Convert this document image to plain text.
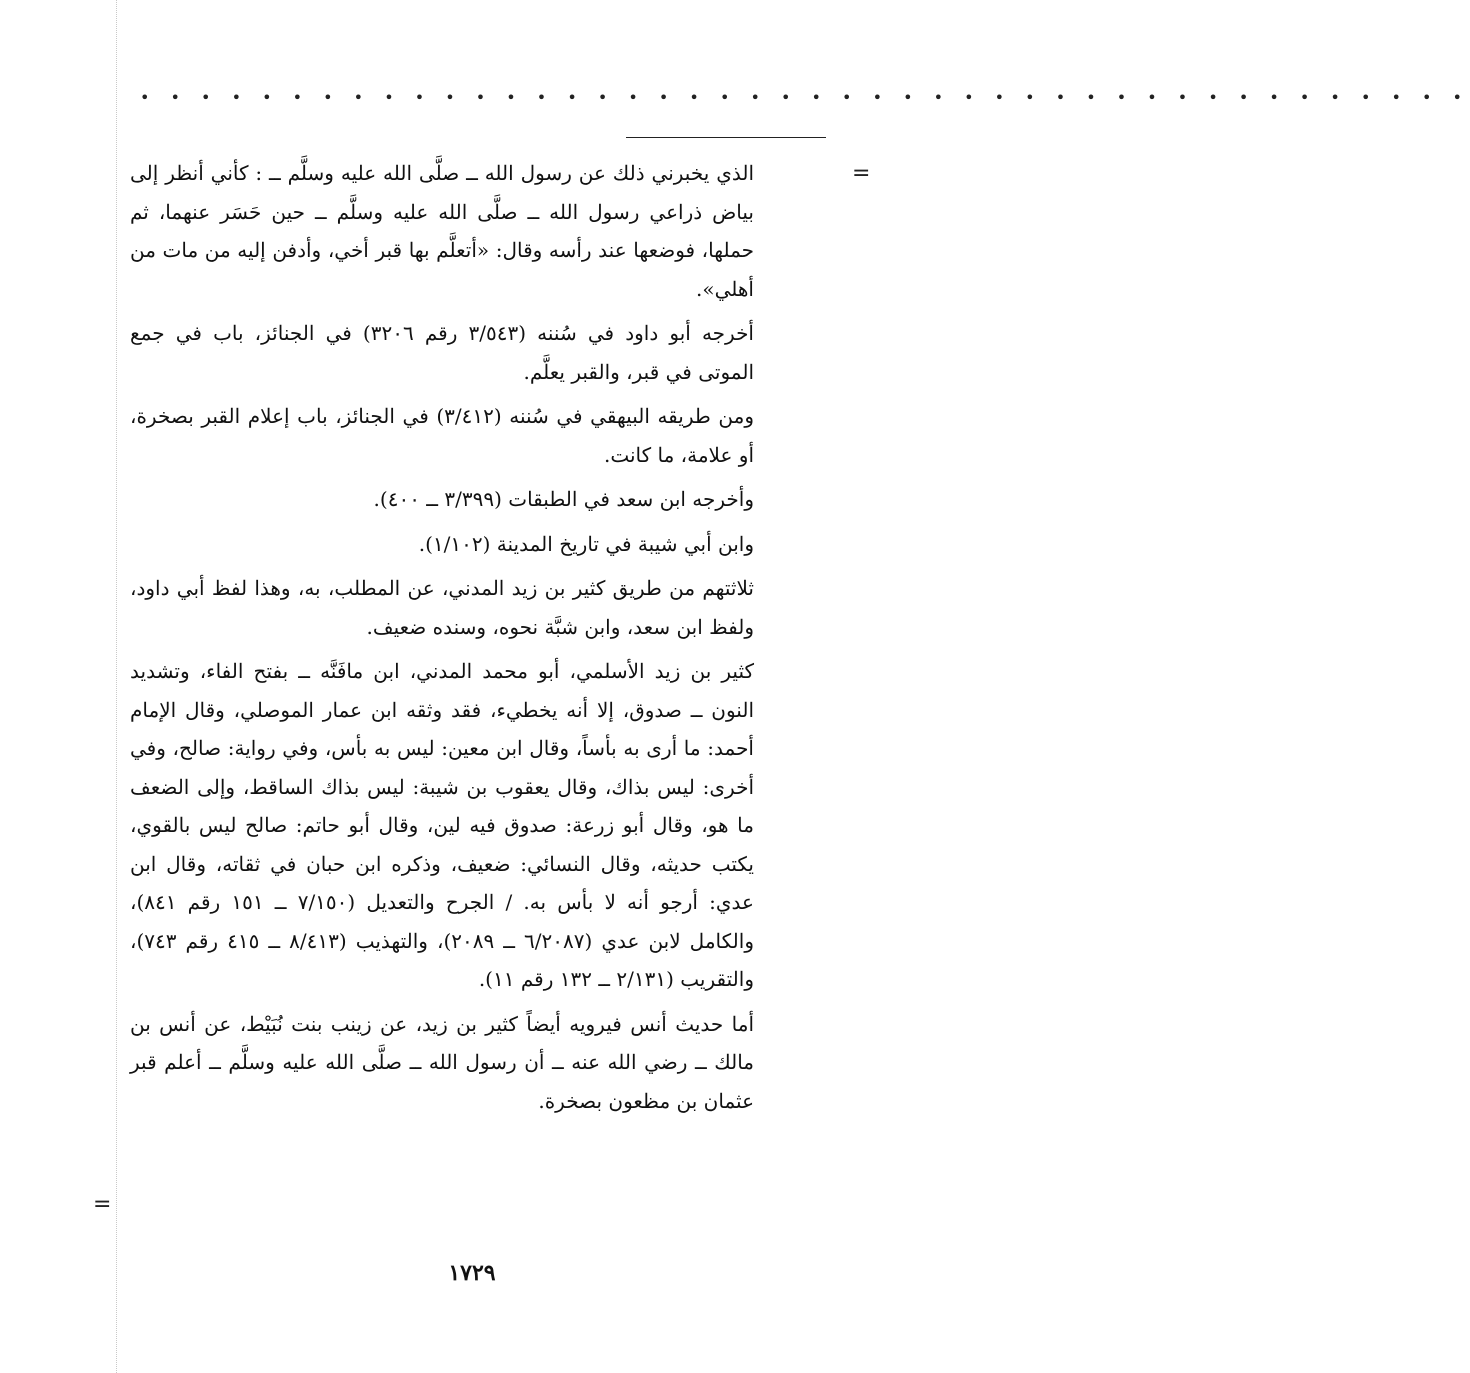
• • • • • • • • • • • • • • • • • • • • • • • • • • • • • • • • • • • • • • • • • • • •
=

الذي يخبرني ذلك عن رسول الله ــ صلَّى الله عليه وسلَّم ــ : كأني أنظر إلى بياض ذراعي رسول الله ــ صلَّى الله عليه وسلَّم ــ حين حَسَر عنهما، ثم حملها، فوضعها عند رأسه وقال: «أتعلَّم بها قبر أخي، وأدفن إليه من مات من أهلي».

أخرجه أبو داود في سُننه (٣/٥٤٣ رقم ٣٢٠٦) في الجنائز، باب في جمع الموتى في قبر، والقبر يعلَّم.

ومن طريقه البيهقي في سُننه (٣/٤١٢) في الجنائز، باب إعلام القبر بصخرة، أو علامة، ما كانت.

وأخرجه ابن سعد في الطبقات (٣/٣٩٩ ــ ٤٠٠).

وابن أبي شيبة في تاريخ المدينة (١/١٠٢).

ثلاثتهم من طريق كثير بن زيد المدني، عن المطلب، به، وهذا لفظ أبي داود، ولفظ ابن سعد، وابن شبَّة نحوه، وسنده ضعيف.

كثير بن زيد الأسلمي، أبو محمد المدني، ابن مافَنَّه ــ بفتح الفاء، وتشديد النون ــ صدوق، إلا أنه يخطيء، فقد وثقه ابن عمار الموصلي، وقال الإمام أحمد: ما أرى به بأساً، وقال ابن معين: ليس به بأس، وفي رواية: صالح، وفي أخرى: ليس بذاك، وقال يعقوب بن شيبة: ليس بذاك الساقط، وإلى الضعف ما هو، وقال أبو زرعة: صدوق فيه لين، وقال أبو حاتم: صالح ليس بالقوي، يكتب حديثه، وقال النسائي: ضعيف، وذكره ابن حبان في ثقاته، وقال ابن عدي: أرجو أنه لا بأس به. / الجرح والتعديل (٧/١٥٠ ــ ١٥١ رقم ٨٤١)، والكامل لابن عدي (٦/٢٠٨٧ ــ ٢٠٨٩)، والتهذيب (٨/٤١٣ ــ ٤١٥ رقم ٧٤٣)، والتقريب (٢/١٣١ ــ ١٣٢ رقم ١١).

أما حديث أنس فيرويه أيضاً كثير بن زيد، عن زينب بنت نُبَيْط، عن أنس بن مالك ــ رضي الله عنه ــ أن رسول الله ــ صلَّى الله عليه وسلَّم ــ أعلم قبر عثمان بن مظعون بصخرة.

=
١٧٢٩
